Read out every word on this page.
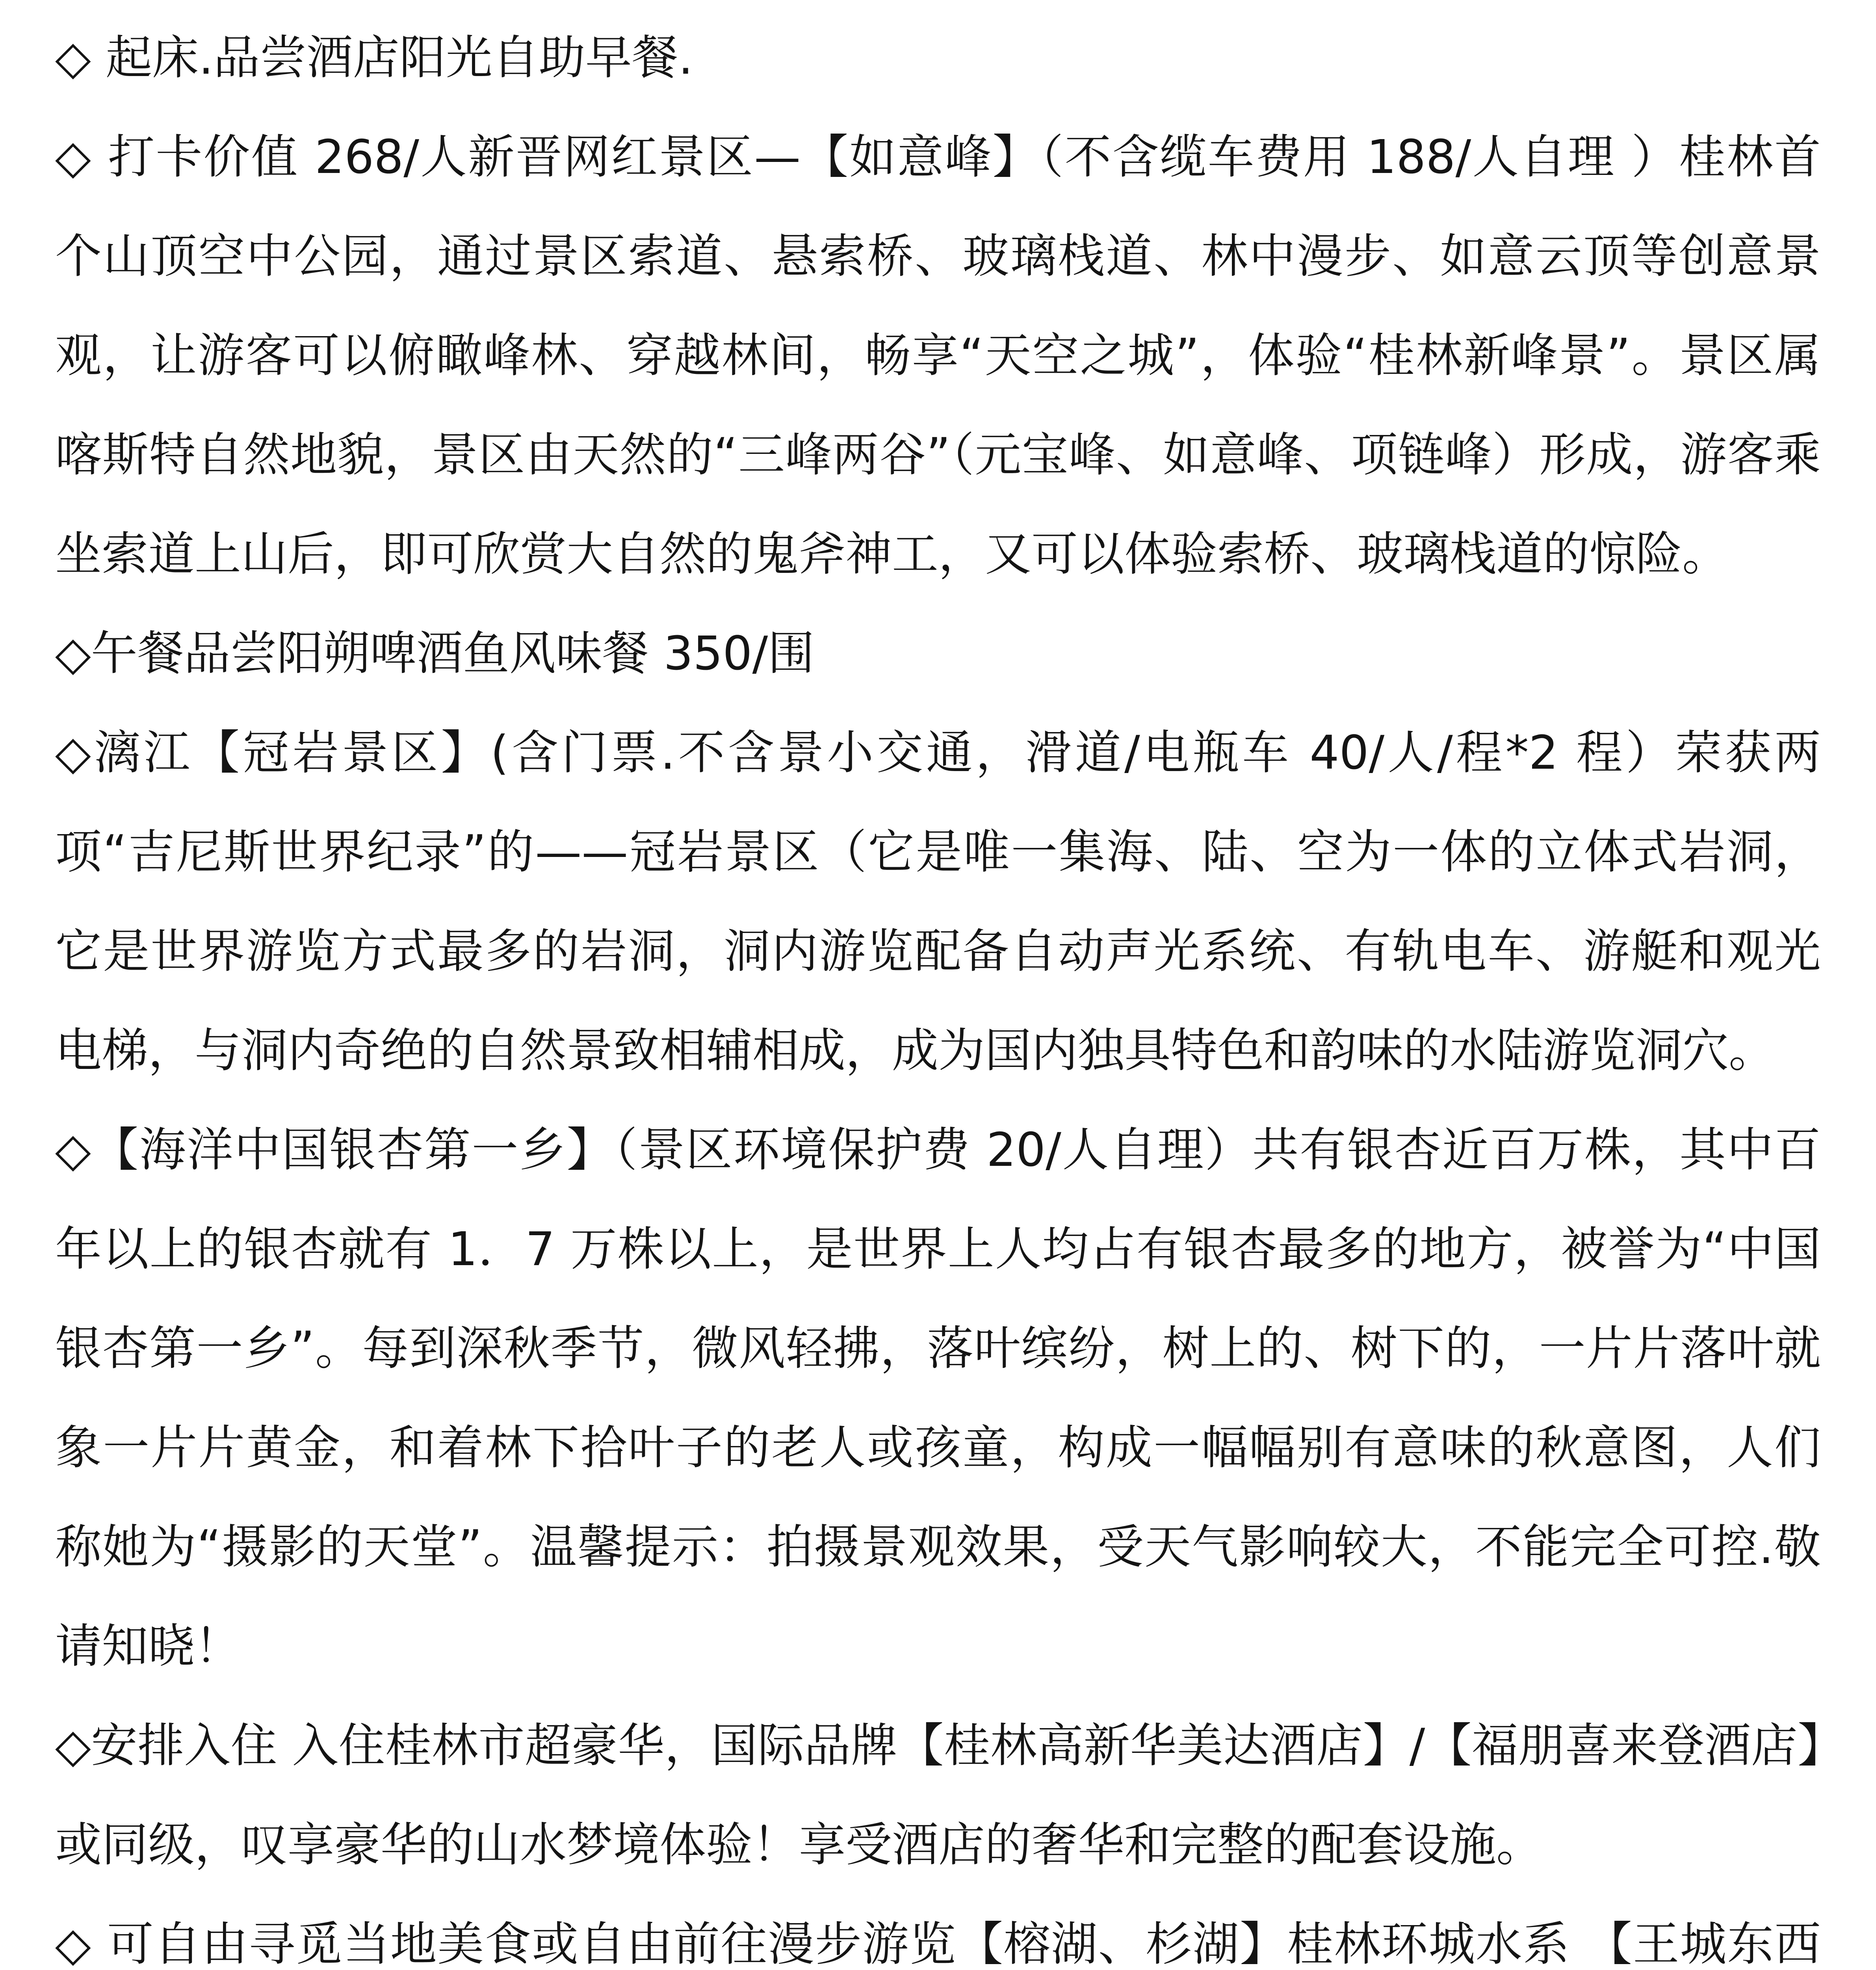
◇ 起床.品尝酒店阳光自助早餐.

◇ 打卡价值 268/人新晋网红景区—【如意峰】（不含缆车费用 188/人自理 ）桂林首个山顶空中公园，通过景区索道、悬索桥、玻璃栈道、林中漫步、如意云顶等创意景观，让游客可以俯瞰峰林、穿越林间，畅享“天空之城”，体验“桂林新峰景”。景区属喀斯特自然地貌，景区由天然的“三峰两谷”（元宝峰、如意峰、项链峰）形成，游客乘坐索道上山后，即可欣赏大自然的鬼斧神工，又可以体验索桥、玻璃栈道的惊险。

◇午餐品尝阳朔啤酒鱼风味餐 350/围

◇漓江【冠岩景区】(含门票.不含景小交通，滑道/电瓶车 40/人/程*2 程）荣获两项“吉尼斯世界纪录”的——冠岩景区（它是唯一集海、陆、空为一体的立体式岩洞，它是世界游览方式最多的岩洞，洞内游览配备自动声光系统、有轨电车、游艇和观光电梯，与洞内奇绝的自然景致相辅相成，成为国内独具特色和韵味的水陆游览洞穴。

◇【海洋中国银杏第一乡】（景区环境保护费 20/人自理）共有银杏近百万株，其中百年以上的银杏就有 1．7 万株以上，是世界上人均占有银杏最多的地方，被誉为“中国银杏第一乡”。每到深秋季节，微风轻拂，落叶缤纷，树上的、树下的，一片片落叶就象一片片黄金，和着林下拾叶子的老人或孩童，构成一幅幅别有意味的秋意图，人们称她为“摄影的天堂”。温馨提示：拍摄景观效果，受天气影响较大，不能完全可控.敬请知晓！

◇安排入住 入住桂林市超豪华，国际品牌【桂林高新华美达酒店】/【福朋喜来登酒店】或同级，叹享豪华的山水梦境体验！享受酒店的奢华和完整的配套设施。

◇ 可自由寻觅当地美食或自由前往漫步游览【榕湖、杉湖】桂林环城水系 【王城东西
